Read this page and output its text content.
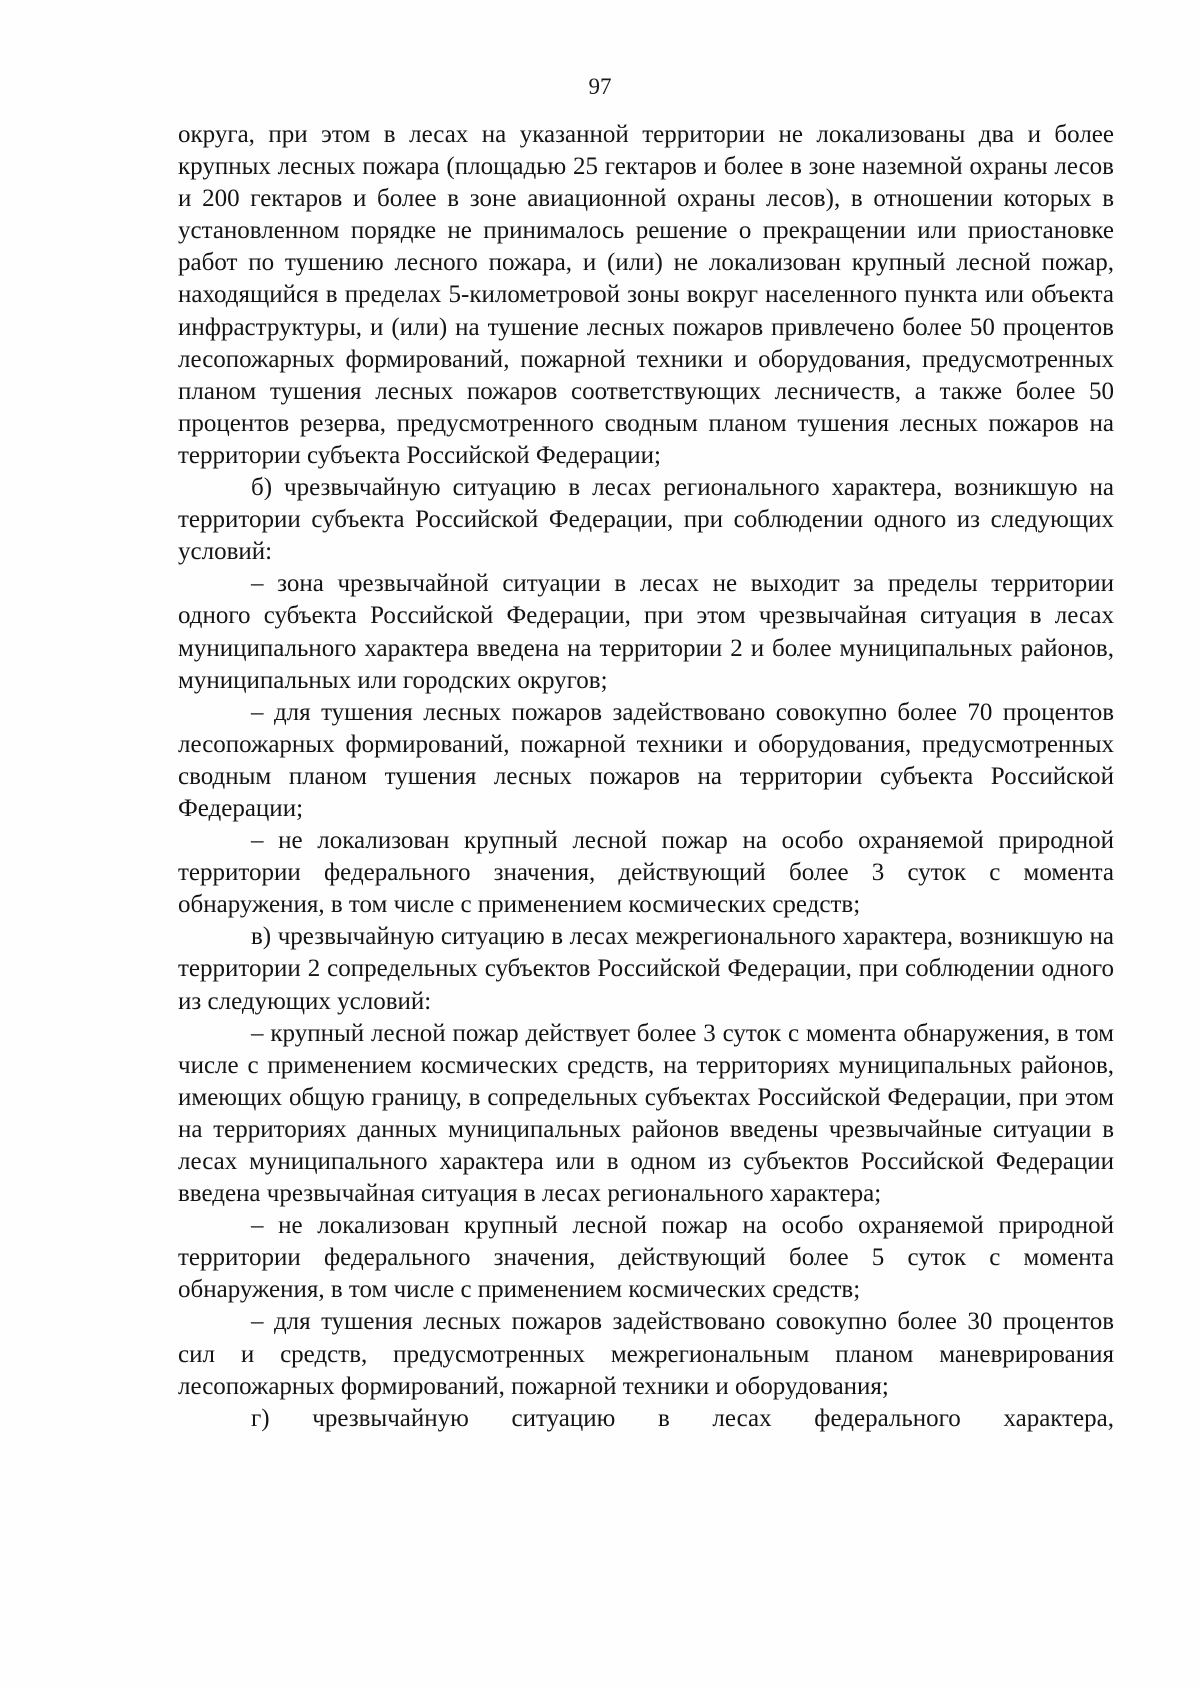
97

округа, при этом в лесах на указанной территории не локализованы два и более крупных лесных пожара (площадью 25 гектаров и более в зоне наземной охраны лесов и 200 гектаров и более в зоне авиационной охраны лесов), в отношении которых в установленном порядке не принималось решение о прекращении или приостановке работ по тушению лесного пожара, и (или) не локализован крупный лесной пожар, находящийся в пределах 5-километровой зоны вокруг населенного пункта или объекта инфраструктуры, и (или) на тушение лесных пожаров привлечено более 50 процентов лесопожарных формирований, пожарной техники и оборудования, предусмотренных планом тушения лесных пожаров соответствующих лесничеств, а также более 50 процентов резерва, предусмотренного сводным планом тушения лесных пожаров на территории субъекта Российской Федерации;

б) чрезвычайную ситуацию в лесах регионального характера, возникшую на территории субъекта Российской Федерации, при соблюдении одного из следующих условий:

– зона чрезвычайной ситуации в лесах не выходит за пределы территории одного субъекта Российской Федерации, при этом чрезвычайная ситуация в лесах муниципального характера введена на территории 2 и более муниципальных районов, муниципальных или городских округов;

– для тушения лесных пожаров задействовано совокупно более 70 процентов лесопожарных формирований, пожарной техники и оборудования, предусмотренных сводным планом тушения лесных пожаров на территории субъекта Российской Федерации;

– не локализован крупный лесной пожар на особо охраняемой природной территории федерального значения, действующий более 3 суток с момента обнаружения, в том числе с применением космических средств;

в) чрезвычайную ситуацию в лесах межрегионального характера, возникшую на территории 2 сопредельных субъектов Российской Федерации, при соблюдении одного из следующих условий:

– крупный лесной пожар действует более 3 суток с момента обнаружения, в том числе с применением космических средств, на территориях муниципальных районов, имеющих общую границу, в сопредельных субъектах Российской Федерации, при этом на территориях данных муниципальных районов введены чрезвычайные ситуации в лесах муниципального характера или в одном из субъектов Российской Федерации введена чрезвычайная ситуация в лесах регионального характера;

– не локализован крупный лесной пожар на особо охраняемой природной территории федерального значения, действующий более 5 суток с момента обнаружения, в том числе с применением космических средств;

– для тушения лесных пожаров задействовано совокупно более 30 процентов сил и средств, предусмотренных межрегиональным планом маневрирования лесопожарных формирований, пожарной техники и оборудования;

г) чрезвычайную ситуацию в лесах федерального характера,
